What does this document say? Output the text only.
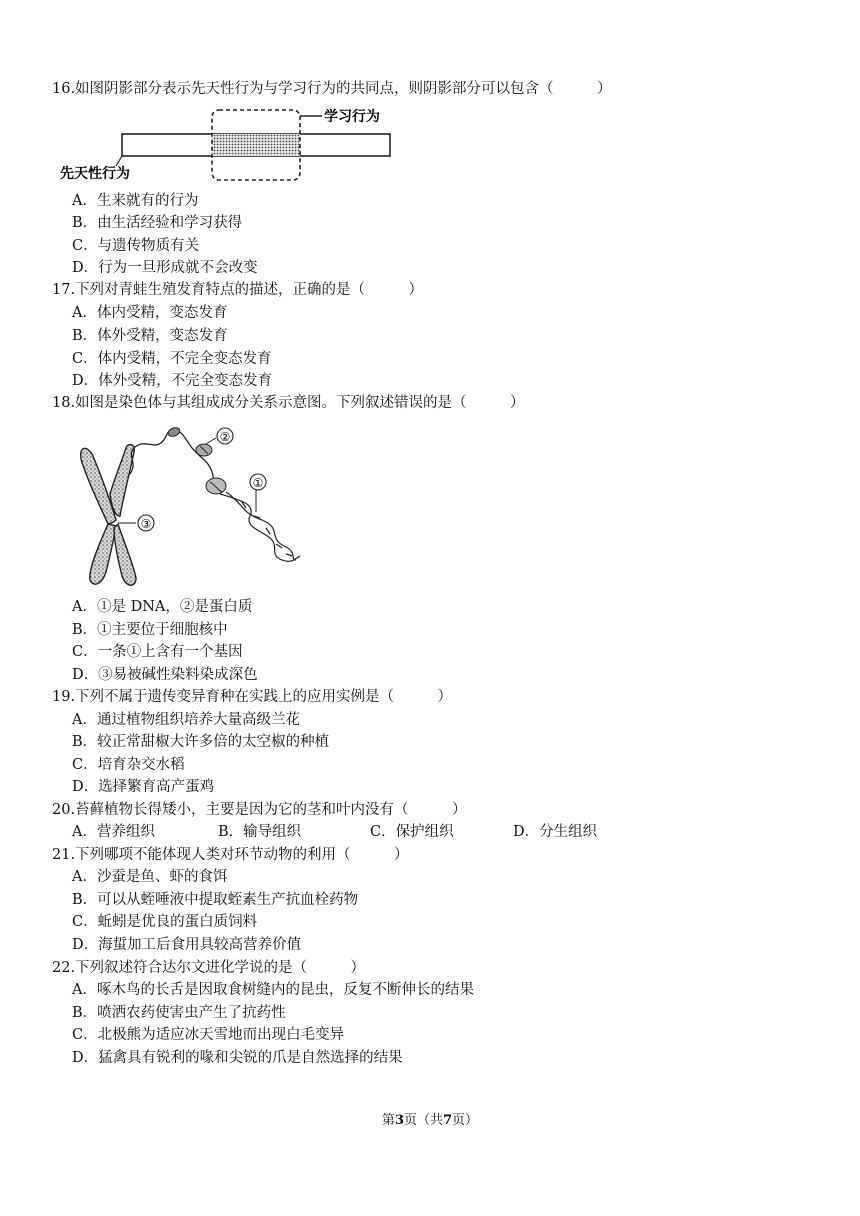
16.如图阴影部分表示先天性行为与学习行为的共同点，则阴影部分可以包含（　　　）
学习行为
先天性行为
A．生来就有的行为
B．由生活经验和学习获得
C．与遗传物质有关
D．行为一旦形成就不会改变
17.下列对青蛙生殖发育特点的描述，正确的是（　　　）
A．体内受精，变态发育
B．体外受精，变态发育
C．体内受精，不完全变态发育
D．体外受精，不完全变态发育
18.如图是染色体与其组成成分关系示意图。下列叙述错误的是（　　　）
②
①
③
A．①是 DNA，②是蛋白质
B．①主要位于细胞核中
C．一条①上含有一个基因
D．③易被碱性染料染成深色
19.下列不属于遗传变异育种在实践上的应用实例是（　　　）
A．通过植物组织培养大量高级兰花
B．较正常甜椒大许多倍的太空椒的种植
C．培育杂交水稻
D．选择繁育高产蛋鸡
20.苔藓植物长得矮小，主要是因为它的茎和叶内没有（　　　）
A．营养组织	B．输导组织	C．保护组织	D．分生组织
21.下列哪项不能体现人类对环节动物的利用（　　　）
A．沙蚕是鱼、虾的食饵
B．可以从蛭唾液中提取蛭素生产抗血栓药物
C．蚯蚓是优良的蛋白质饲料
D．海蜇加工后食用具较高营养价值
22.下列叙述符合达尔文进化学说的是（　　　）
A．啄木鸟的长舌是因取食树缝内的昆虫，反复不断伸长的结果
B．喷洒农药使害虫产生了抗药性
C．北极熊为适应冰天雪地而出现白毛变异
D．猛禽具有锐利的喙和尖锐的爪是自然选择的结果
第3页（共7页）
